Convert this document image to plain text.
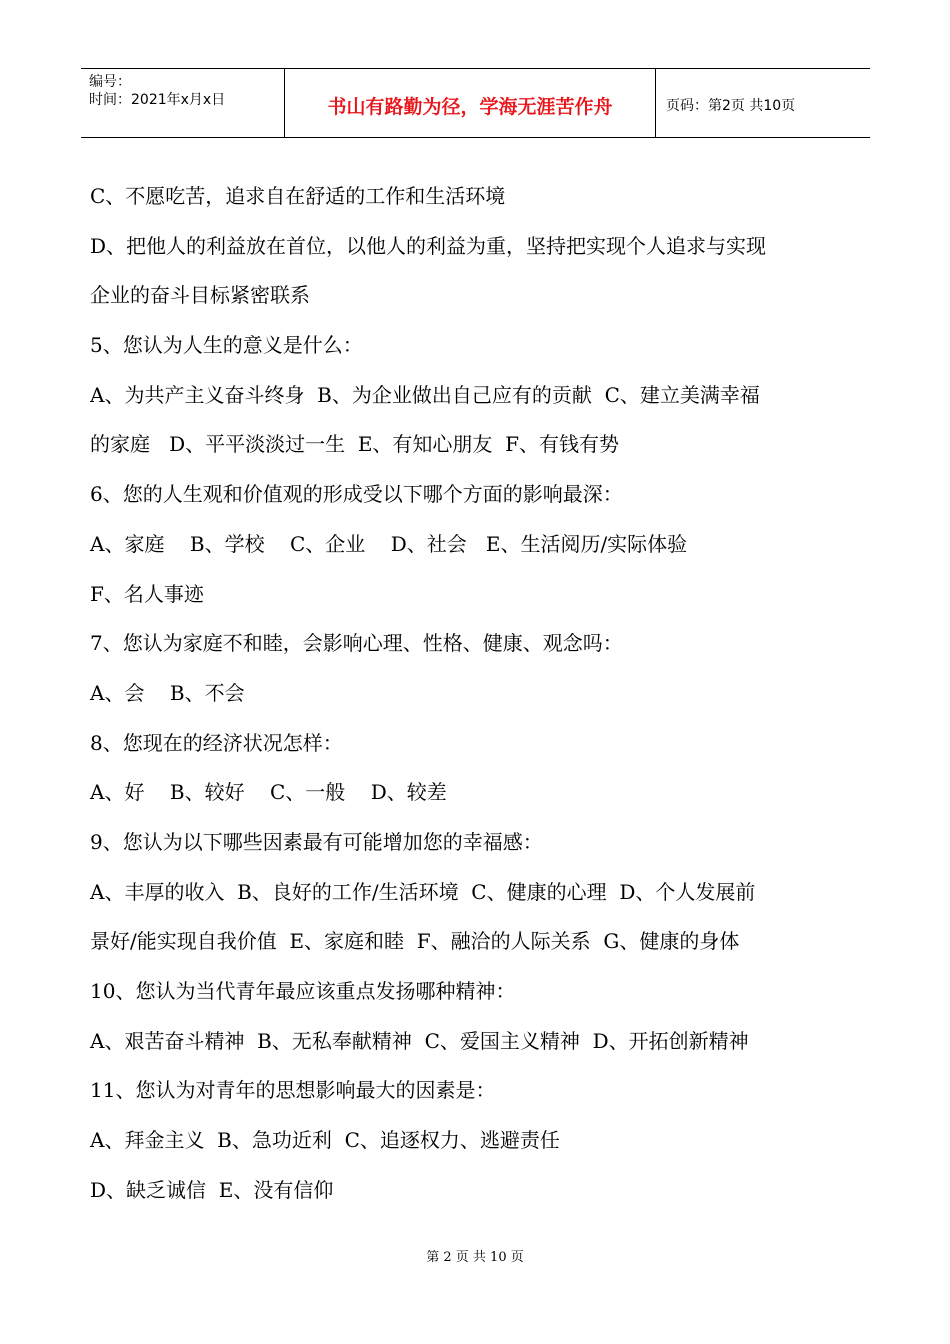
编号：
时间：2021年x月x日	书山有路勤为径，学海无涯苦作舟	页码：第2页 共10页
C、不愿吃苦，追求自在舒适的工作和生活环境
D、把他人的利益放在首位，以他人的利益为重，坚持把实现个人追求与实现
企业的奋斗目标紧密联系
5、您认为人生的意义是什么：
A、为共产主义奋斗终身  B、为企业做出自己应有的贡献  C、建立美满幸福
的家庭   D、平平淡淡过一生  E、有知心朋友  F、有钱有势
6、您的人生观和价值观的形成受以下哪个方面的影响最深：
A、家庭    B、学校    C、企业    D、社会   E、生活阅历/实际体验
F、名人事迹
7、您认为家庭不和睦，会影响心理、性格、健康、观念吗：
A、会    B、不会
8、您现在的经济状况怎样：
A、好    B、较好    C、一般    D、较差
9、您认为以下哪些因素最有可能增加您的幸福感：
A、丰厚的收入  B、良好的工作/生活环境  C、健康的心理  D、个人发展前
景好/能实现自我价值  E、家庭和睦  F、融洽的人际关系  G、健康的身体
10、您认为当代青年最应该重点发扬哪种精神：
A、艰苦奋斗精神  B、无私奉献精神  C、爱国主义精神  D、开拓创新精神
11、您认为对青年的思想影响最大的因素是：
A、拜金主义  B、急功近利  C、追逐权力、逃避责任
D、缺乏诚信  E、没有信仰
第 2 页 共 10 页
